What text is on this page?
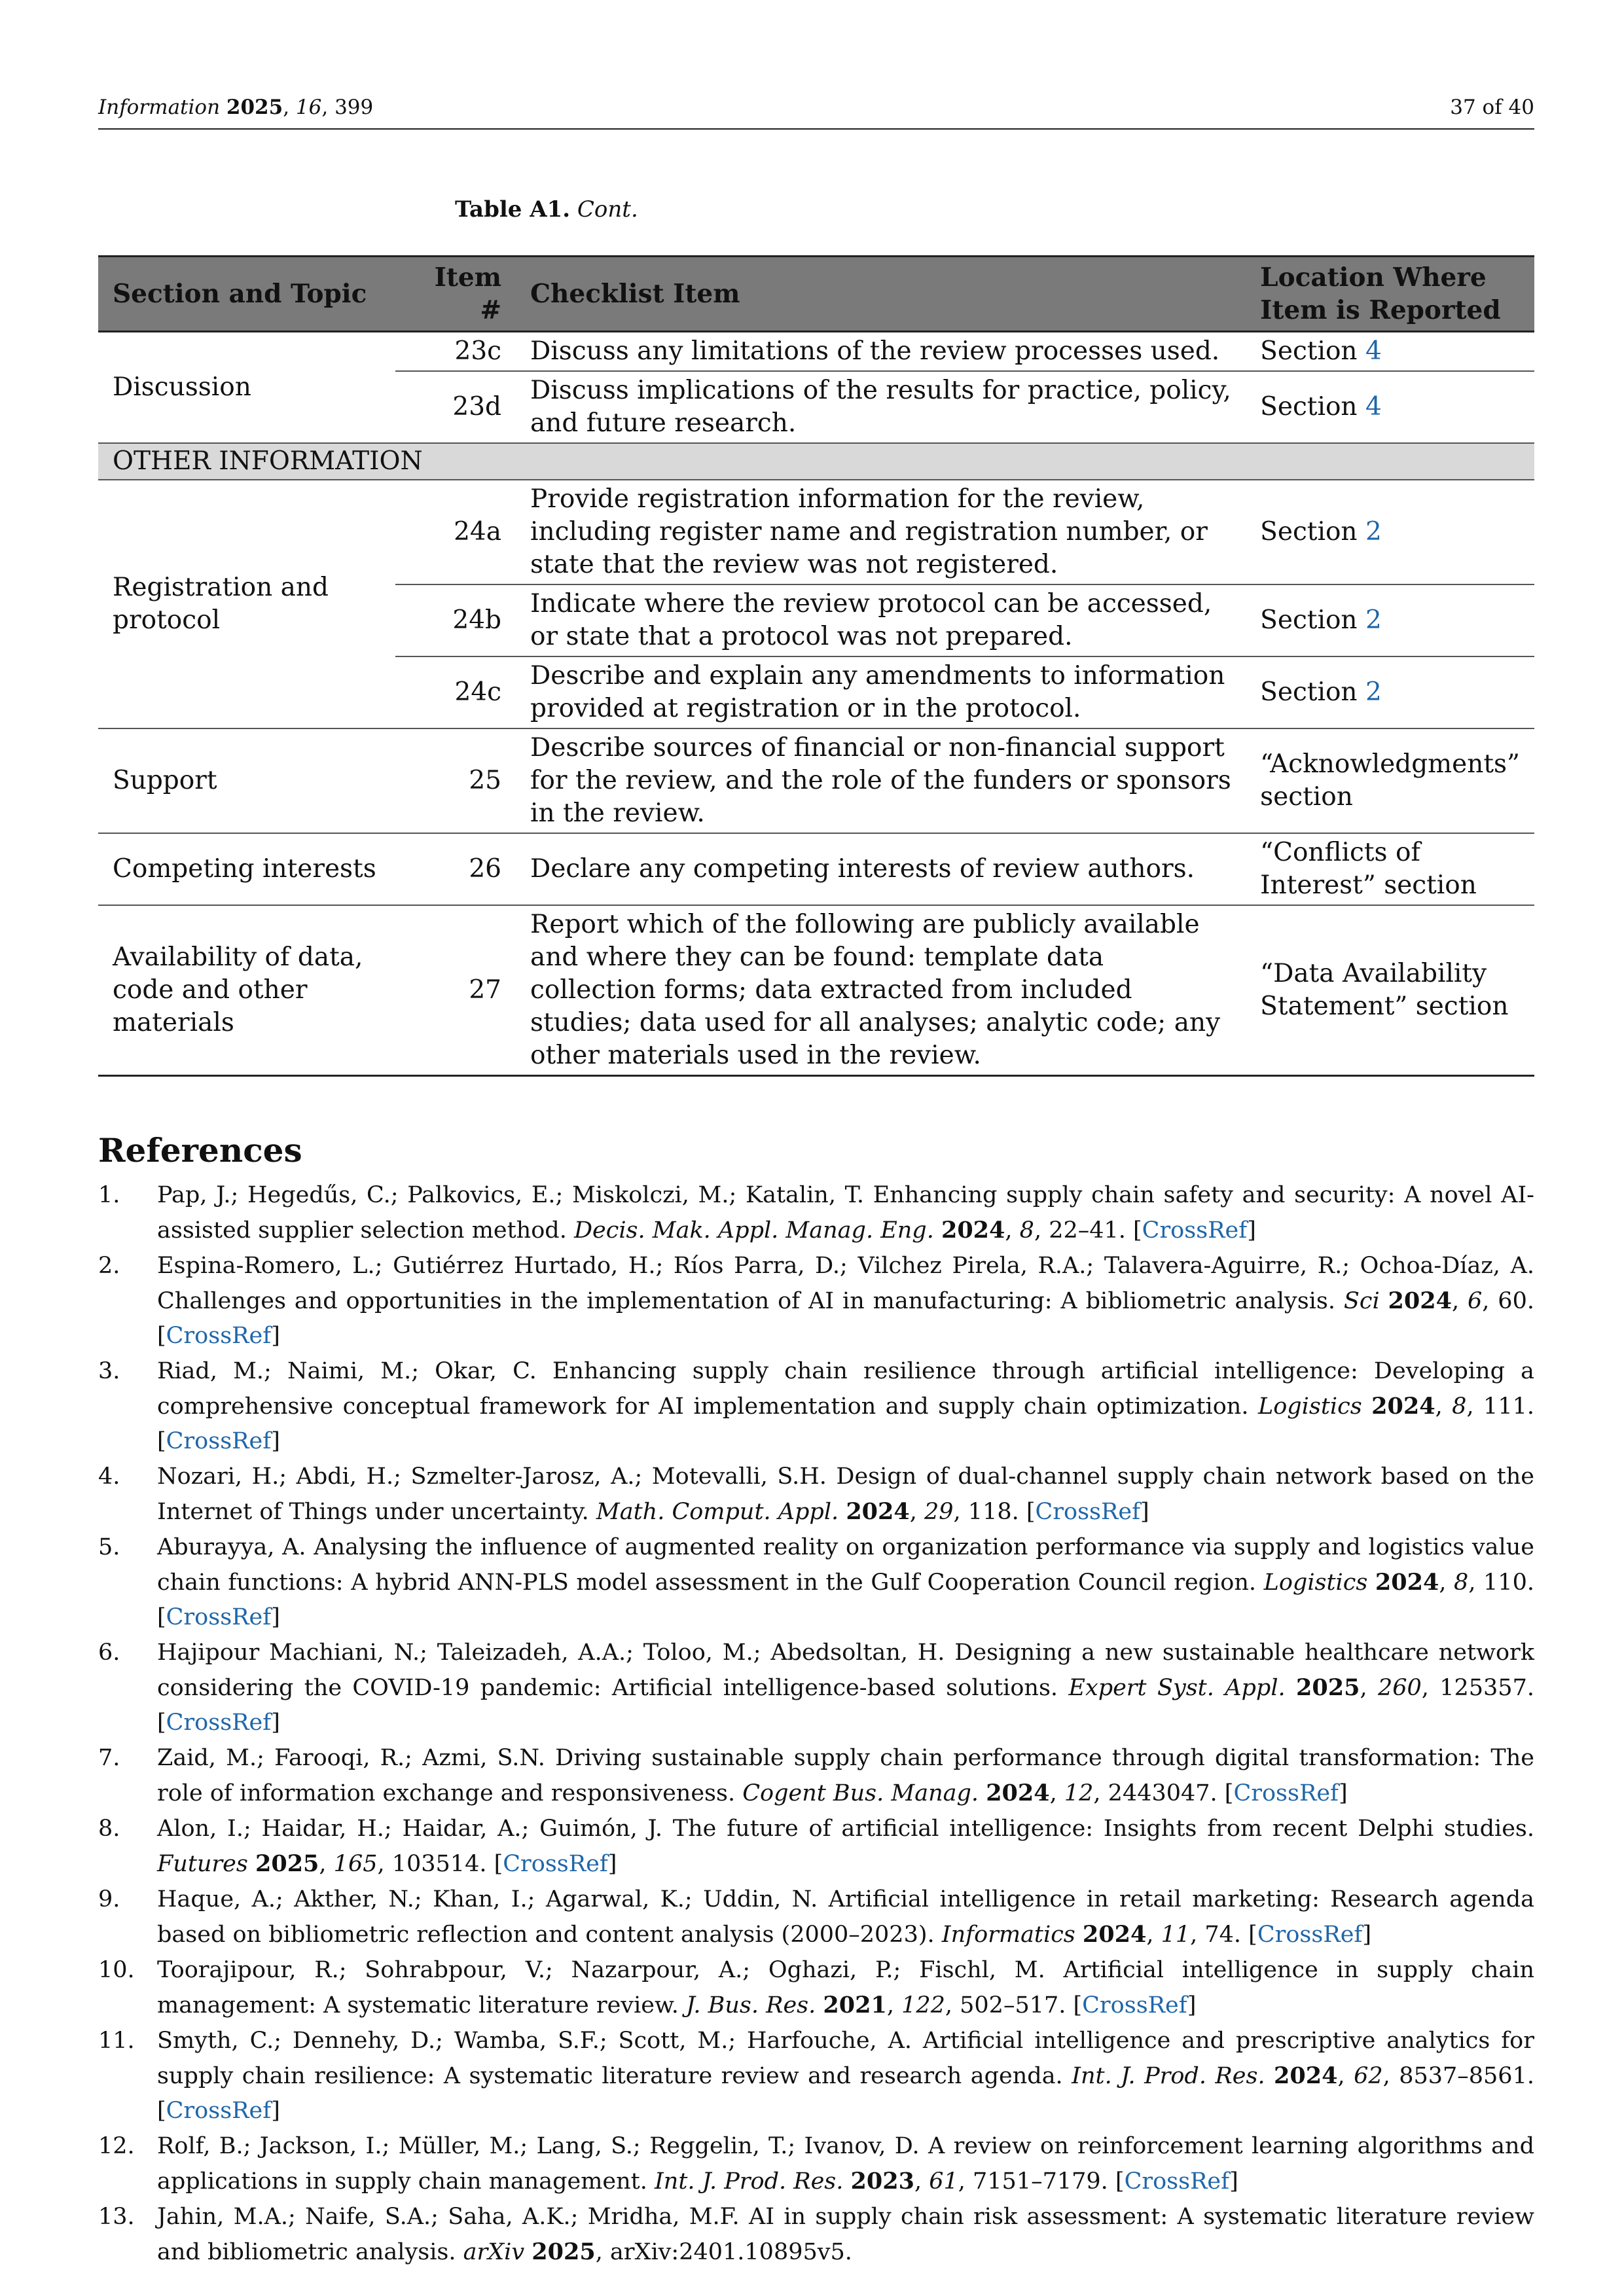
Information 2025, 16, 399	37 of 40
Table A1. Cont.
Section and Topic	Item #	Checklist Item	Location Where Item is Reported
Discussion	23c	Discuss any limitations of the review processes used.	Section 4
	23d	Discuss implications of the results for practice, policy, and future research.	Section 4
OTHER INFORMATION			
Registration and protocol	24a	Provide registration information for the review, including register name and registration number, or state that the review was not registered.	Section 2
	24b	Indicate where the review protocol can be accessed, or state that a protocol was not prepared.	Section 2
	24c	Describe and explain any amendments to information provided at registration or in the protocol.	Section 2
Support	25	Describe sources of financial or non-financial support for the review, and the role of the funders or sponsors in the review.	“Acknowledgments” section
Competing interests	26	Declare any competing interests of review authors.	“Conflicts of Interest” section
Availability of data, code and other materials	27	Report which of the following are publicly available and where they can be found: template data collection forms; data extracted from included studies; data used for all analyses; analytic code; any other materials used in the review.	“Data Availability Statement” section
References
1. Pap, J.; Hegedűs, C.; Palkovics, E.; Miskolczi, M.; Katalin, T. Enhancing supply chain safety and security: A novel AI-assisted supplier selection method. Decis. Mak. Appl. Manag. Eng. 2024, 8, 22–41. [CrossRef]
2. Espina-Romero, L.; Gutiérrez Hurtado, H.; Ríos Parra, D.; Vilchez Pirela, R.A.; Talavera-Aguirre, R.; Ochoa-Díaz, A. Challenges and opportunities in the implementation of AI in manufacturing: A bibliometric analysis. Sci 2024, 6, 60. [CrossRef]
3. Riad, M.; Naimi, M.; Okar, C. Enhancing supply chain resilience through artificial intelligence: Developing a comprehensive conceptual framework for AI implementation and supply chain optimization. Logistics 2024, 8, 111. [CrossRef]
4. Nozari, H.; Abdi, H.; Szmelter-Jarosz, A.; Motevalli, S.H. Design of dual-channel supply chain network based on the Internet of Things under uncertainty. Math. Comput. Appl. 2024, 29, 118. [CrossRef]
5. Aburayya, A. Analysing the influence of augmented reality on organization performance via supply and logistics value chain functions: A hybrid ANN-PLS model assessment in the Gulf Cooperation Council region. Logistics 2024, 8, 110. [CrossRef]
6. Hajipour Machiani, N.; Taleizadeh, A.A.; Toloo, M.; Abedsoltan, H. Designing a new sustainable healthcare network considering the COVID-19 pandemic: Artificial intelligence-based solutions. Expert Syst. Appl. 2025, 260, 125357. [CrossRef]
7. Zaid, M.; Farooqi, R.; Azmi, S.N. Driving sustainable supply chain performance through digital transformation: The role of information exchange and responsiveness. Cogent Bus. Manag. 2024, 12, 2443047. [CrossRef]
8. Alon, I.; Haidar, H.; Haidar, A.; Guimón, J. The future of artificial intelligence: Insights from recent Delphi studies. Futures 2025, 165, 103514. [CrossRef]
9. Haque, A.; Akther, N.; Khan, I.; Agarwal, K.; Uddin, N. Artificial intelligence in retail marketing: Research agenda based on bibliometric reflection and content analysis (2000–2023). Informatics 2024, 11, 74. [CrossRef]
10. Toorajipour, R.; Sohrabpour, V.; Nazarpour, A.; Oghazi, P.; Fischl, M. Artificial intelligence in supply chain management: A systematic literature review. J. Bus. Res. 2021, 122, 502–517. [CrossRef]
11. Smyth, C.; Dennehy, D.; Wamba, S.F.; Scott, M.; Harfouche, A. Artificial intelligence and prescriptive analytics for supply chain resilience: A systematic literature review and research agenda. Int. J. Prod. Res. 2024, 62, 8537–8561. [CrossRef]
12. Rolf, B.; Jackson, I.; Müller, M.; Lang, S.; Reggelin, T.; Ivanov, D. A review on reinforcement learning algorithms and applications in supply chain management. Int. J. Prod. Res. 2023, 61, 7151–7179. [CrossRef]
13. Jahin, M.A.; Naife, S.A.; Saha, A.K.; Mridha, M.F. AI in supply chain risk assessment: A systematic literature review and bibliometric analysis. arXiv 2025, arXiv:2401.10895v5.
